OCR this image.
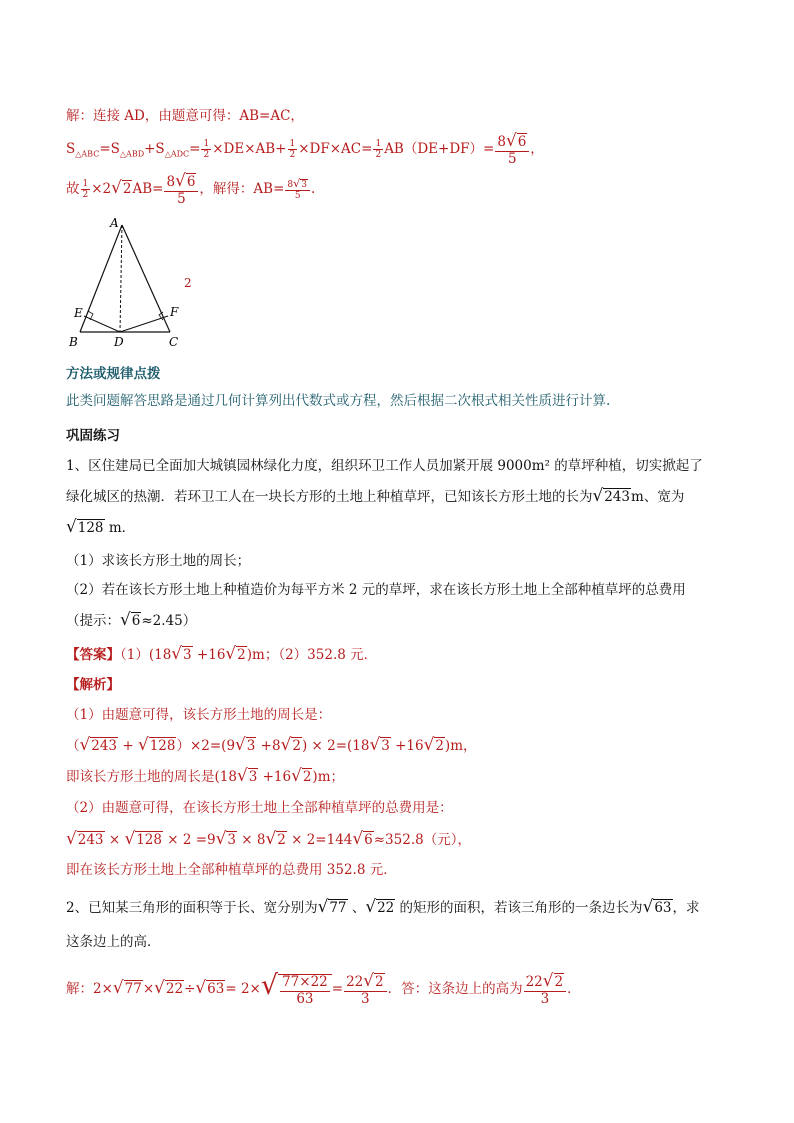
解：连接 AD，由题意可得：AB=AC，
$S_{\triangle ABC}=S_{\triangle ABD}+S_{\triangle ADC}= \frac{1}{2} \times DE\times AB+ \frac{1}{2} \times DF\times AC= \frac{1}{2} AB(DE+DF)= \frac{8√6}{5}$ ，
故 $\frac{1}{2} \times 2√2AB= \frac{8√6}{5}$ ，解得：$AB= \frac{8√3}{5}$ .
A
E	F
B	D	C
2
方法或规律点拨
此类问题解答思路是通过几何计算列出代数式或方程，然后根据二次根式相关性质进行计算.
巩固练习
1、区住建局已全面加大城镇园林绿化力度，组织环卫工作人员加紧开展 9000m² 的草坪种植，切实掀起了
绿化城区的热潮．若环卫工人在一块长方形的土地上种植草坪，已知该长方形土地的长为√243m、宽为
√128 m．
（1）求该长方形土地的周长；
（2）若在该长方形土地上种植造价为每平方米 2 元的草坪，求在该长方形土地上全部种植草坪的总费用
（提示：√6≈2.45）
【答案】（1）(18√3 +16√2)m；（2）352.8 元．
【解析】
（1）由题意可得，该长方形土地的周长是：
（√243 + √128）×2=(9√3 +8√2) × 2=(18√3 +16√2)m，
即该长方形土地的周长是(18√3 +16√2)m；
（2）由题意可得，在该长方形土地上全部种植草坪的总费用是：
√243 × √128 × 2 =9√3 × 8√2 × 2=144√6≈352.8（元），
即在该长方形土地上全部种植草坪的总费用 352.8 元．
2、已知某三角形的面积等于长、宽分别为√77 、√22 的矩形的面积，若该三角形的一条边长为√63，求
这条边上的高．
解：$2\times√77\times√22\div√63= 2\times√ \frac{77\times 22}{63} = \frac{22√2}{3}$ ．答：这条边上的高为 $\frac{22√2}{3}$ ．
